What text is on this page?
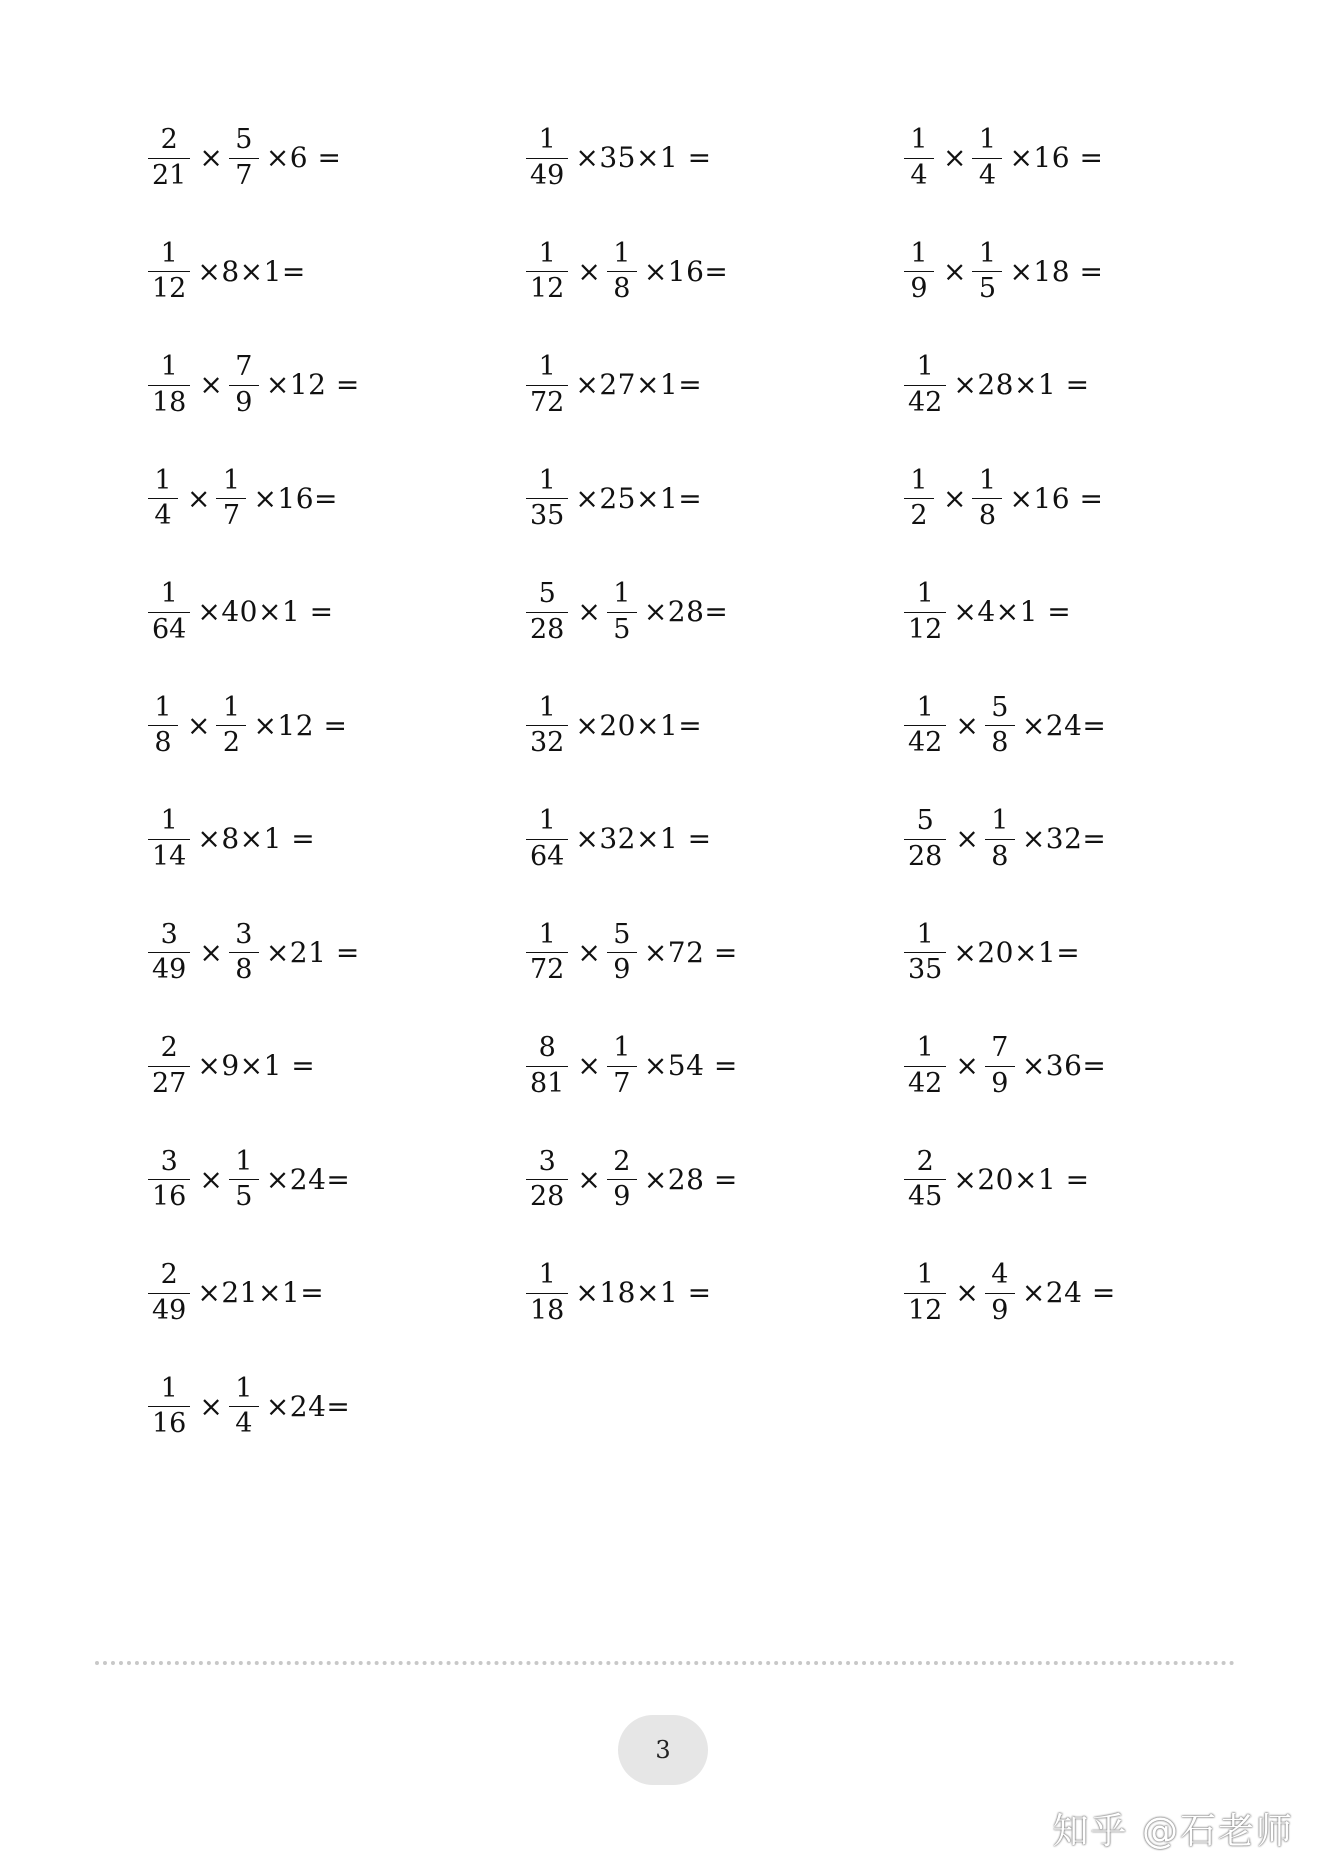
$\frac{2}{21} \times \frac{5}{7} \times 6$ =	$\frac{1}{49} \times 35\times 1$ =	$\frac{1}{4} \times \frac{1}{4} \times 16$ =
$\frac{1}{12} \times 8\times 1=$	$\frac{1}{12} \times \frac{1}{8} \times 16=$	$\frac{1}{9} \times \frac{1}{5} \times 18$ =
$\frac{1}{18} \times \frac{7}{9} \times 12$ =	$\frac{1}{72} \times 27\times 1=$	$\frac{1}{42} \times 28\times 1$ =
$\frac{1}{4} \times \frac{1}{7} \times 16=$	$\frac{1}{35} \times 25\times 1=$	$\frac{1}{2} \times \frac{1}{8} \times 16$ =
$\frac{1}{64} \times 40\times 1$ =	$\frac{5}{28} \times \frac{1}{5} \times 28=$	$\frac{1}{12} \times 4\times 1$ =
$\frac{1}{8} \times \frac{1}{2} \times 12$ =	$\frac{1}{32} \times 20\times 1=$	$\frac{1}{42} \times \frac{5}{8} \times 24=$
$\frac{1}{14} \times 8\times 1$ =	$\frac{1}{64} \times 32\times 1$ =	$\frac{5}{28} \times \frac{1}{8} \times 32=$
$\frac{3}{49} \times \frac{3}{8} \times 21$ =	$\frac{1}{72} \times \frac{5}{9} \times 72$ =	$\frac{1}{35} \times 20\times 1=$
$\frac{2}{27} \times 9\times 1$ =	$\frac{8}{81} \times \frac{1}{7} \times 54$ =	$\frac{1}{42} \times \frac{7}{9} \times 36=$
$\frac{3}{16} \times \frac{1}{5} \times 24=$	$\frac{3}{28} \times \frac{2}{9} \times 28$ =	$\frac{2}{45} \times 20\times 1$ =
$\frac{2}{49} \times 21\times 1=$	$\frac{1}{18} \times 18\times 1$ =	$\frac{1}{12} \times \frac{4}{9} \times 24$ =
$\frac{1}{16} \times \frac{1}{4} \times 24=$
3
知乎 @石老师
